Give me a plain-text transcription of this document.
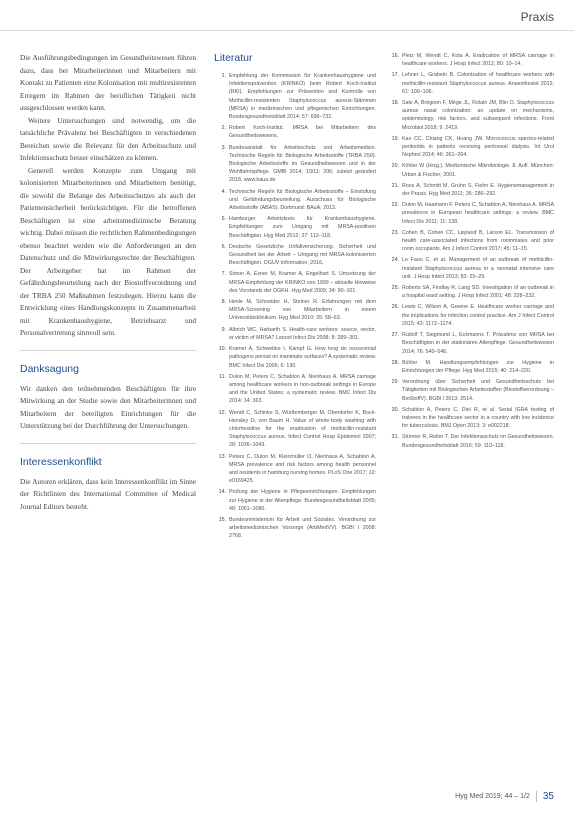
Praxis

Die Ausführungsbedingungen im Gesundheitswesen führen dazu, dass bei Mitarbeiterinnen und Mitarbeitern mit Kontakt zu Patienten eine Kolonisation mit multiresistenten Erregern im Rahmen der beruflichen Tätigkeit nicht ausgeschlossen werden kann.

Weitere Untersuchungen sind notwendig, um die tatsächliche Prävalenz bei Beschäftigten in verschiedenen Bereichen sowie die Relevanz für den Arbeitsschutz und Infektionsschutz besser einschätzen zu können.

Generell werden Konzepte zum Umgang mit kolonisierten Mitarbeiterinnen und Mitarbeitern benötigt, die sowohl die Belange des Arbeitsschutzes als auch der Patientensicherheit berücksichtigen. Für die betroffenen Beschäftigten ist eine arbeitsmedizinische Beratung wichtig. Dabei müssen die rechtlichen Rahmenbedingungen ebenso beachtet werden wie die Anforderungen an den Datenschutz und die Mitwirkungsrechte der Beschäftigten. Der Arbeitgeber hat im Rahmen der Gefährdungsbeurteilung nach der Biostoffverordnung und der TRBA 250 Maßnahmen festzulegen. Hierzu kann die Entwicklung eines Handlungskonzepts in Zusammenarbeit mit Krankenhaushygiene, Betriebsarzt und Personalvertretung sinnvoll sein.

Danksagung

Wir danken den teilnehmenden Beschäftigten für ihre Mitwirkung an der Studie sowie den Mitarbeiterinnen und Mitarbeitern der beteiligten Einrichtungen für die Unterstützung bei der Durchführung der Untersuchungen.

Interessenkonflikt

Die Autoren erklären, dass kein Interessenkonflikt im Sinne der Richtlinien des International Committee of Medical Journal Editors besteht.

Literatur
1. Empfehlung der Kommission für Krankenhaushygiene und Infektionsprävention (KRINKO) beim Robert Koch-Institut (RKI). Empfehlungen zur Prävention und Kontrolle von Methicillin-resistenten Staphylococcus aureus-Stämmen (MRSA) in medizinischen und pflegerischen Einrichtungen. Bundesgesundheitsblatt 2014; 57: 696–732.
2. Robert Koch-Institut. MRSA bei Mitarbeitern des Gesundheitswesens.
3. Bundesanstalt für Arbeitsschutz und Arbeitsmedizin. Technische Regeln für Biologische Arbeitsstoffe (TRBA 250). Biologische Arbeitsstoffe im Gesundheitswesen und in der Wohlfahrtspflege. GMBl 2014; 10/11: 206; zuletzt geändert 2018. www.baua.de
4. Technische Regeln für Biologische Arbeitsstoffe – Einstufung und Gefährdungsbeurteilung. Ausschuss für Biologische Arbeitsstoffe (ABAS). Dortmund: BAuA; 2013.
5. Hamburger Arbeitskreis für Krankenhaushygiene. Empfehlungen zum Umgang mit MRSA-positiven Beschäftigten. Hyg Med 2012; 37: 112–118.
6. Deutsche Gesetzliche Unfallversicherung. Sicherheit und Gesundheit bei der Arbeit – Umgang mit MRSA-kolonisierten Beschäftigten. DGUV Information; 2016.
7. Simon A, Exner M, Kramer A, Engelhart S. Umsetzung der MRSA-Empfehlung der KRINKO von 1999 – aktuelle Hinweise des Vorstands der DGKH. Hyg Med 2009; 34: 90–101.
8. Henle M, Schneider H, Steiner R. Erfahrungen mit dem MRSA-Screening von Mitarbeitern in einem Universitätsklinikum. Hyg Med 2010; 35: 58–63.
9. Albrich WC, Harbarth S. Health-care workers: source, vector, or victim of MRSA? Lancet Infect Dis 2008; 8: 289–301.
10. Kramer A, Schwebke I, Kampf G. How long do nosocomial pathogens persist on inanimate surfaces? A systematic review. BMC Infect Dis 2006; 6: 130.
11. Dulon M, Peters C, Schablon A, Nienhaus A. MRSA carriage among healthcare workers in non-outbreak settings in Europe and the United States: a systematic review. BMC Infect Dis 2014; 14: 363.
12. Wendt C, Schinke S, Württemberger M, Oberdorfer K, Bock-Hensley O, von Baum H. Value of whole-body washing with chlorhexidine for the eradication of methicillin-resistant Staphylococcus aureus. Infect Control Hosp Epidemiol 2007; 28: 1036–1043.
13. Peters C, Dulon M, Kleinmüller O, Nienhaus A, Schablon A. MRSA prevalence and risk factors among health personnel and residents in hamburg nursing homes. PLoS One 2017; 12: e0169425.
14. Prüfung der Hygiene in Pflegeeinrichtungen. Empfehlungen zur Hygiene in der Altenpflege. Bundesgesundheitsblatt 2005; 48: 1061–1080.
15. Bundesministerium für Arbeit und Soziales. Verordnung zur arbeitsmedizinischen Vorsorge (ArbMedVV). BGBl I 2008: 2768.
16. Pletz M, Wendt C, Kola A. Eradication of MRSA carriage in healthcare workers. J Hosp Infect 2012; 80: 10–14.
17. Lehner L, Grabein B. Colonization of healthcare workers with methicillin-resistant Staphylococcus aureus. Anaesthesist 2012; 61: 100–106.
18. Sakr A, Brégeon F, Mège JL, Rolain JM, Blin O. Staphylococcus aureus nasal colonization: an update on mechanisms, epidemiology, risk factors, and subsequent infections. Front Microbiol 2018; 9: 2419.
19. Kao CC, Chiang CK, Huang JW. Micrococcus species-related peritonitis in patients receiving peritoneal dialysis. Int Urol Nephrol 2014; 46: 261–264.
20. Köhler W (Hrsg.). Medizinische Mikrobiologie. 8. Aufl. München: Urban & Fischer; 2001.
21. Roos A, Schmitt M, Gruhn S, Fiehn E. Hygienemanagement in der Praxis. Hyg Med 2011; 36: 286–292.
22. Dulon M, Haamann F, Peters C, Schablon A, Nienhaus A. MRSA prevalence in European healthcare settings: a review. BMC Infect Dis 2011; 11: 138.
23. Cohen B, Cohen CC, Løyland B, Larson EL. Transmission of health care-associated infections from roommates and prior room occupants. Am J Infect Control 2017; 45: 11–15.
24. Le Faou C, et al. Management of an outbreak of methicillin-resistant Staphylococcus aureus in a neonatal intensive care unit. J Hosp Infect 2013; 83: 25–29.
25. Roberts SA, Findlay R, Lang SD. Investigation of an outbreak in a hospital ward setting. J Hosp Infect 2001; 48: 228–232.
26. Lewis C, Wilson A, Greene E. Healthcare worker carriage and the implications for infection control practice. Am J Infect Control 2015; 43: 1172–1174.
27. Rudolf T, Siegmund L, Eckmanns T. Prävalenz von MRSA bei Beschäftigten in der stationären Altenpflege. Gesundheitswesen 2014; 76: 540–546.
28. Bühler M. Handlungsempfehlungen zur Hygiene in Einrichtungen der Pflege. Hyg Med 2015; 40: 214–220.
29. Verordnung über Sicherheit und Gesundheitsschutz bei Tätigkeiten mit Biologischen Arbeitsstoffen (Biostoffverordnung – BioStoffV). BGBl I 2013: 2514.
30. Schablon A, Peters C, Diel R, et al. Serial IGRA testing of trainees in the healthcare sector in a country with low incidence for tuberculosis. BMJ Open 2013; 3: e002218.
31. Stürmer R, Reiter T. Der Infektionsschutz im Gesundheitswesen. Bundesgesundheitsblatt 2016; 59: 110–118.
Hyg Med 2019; 44 – 1/2	35
